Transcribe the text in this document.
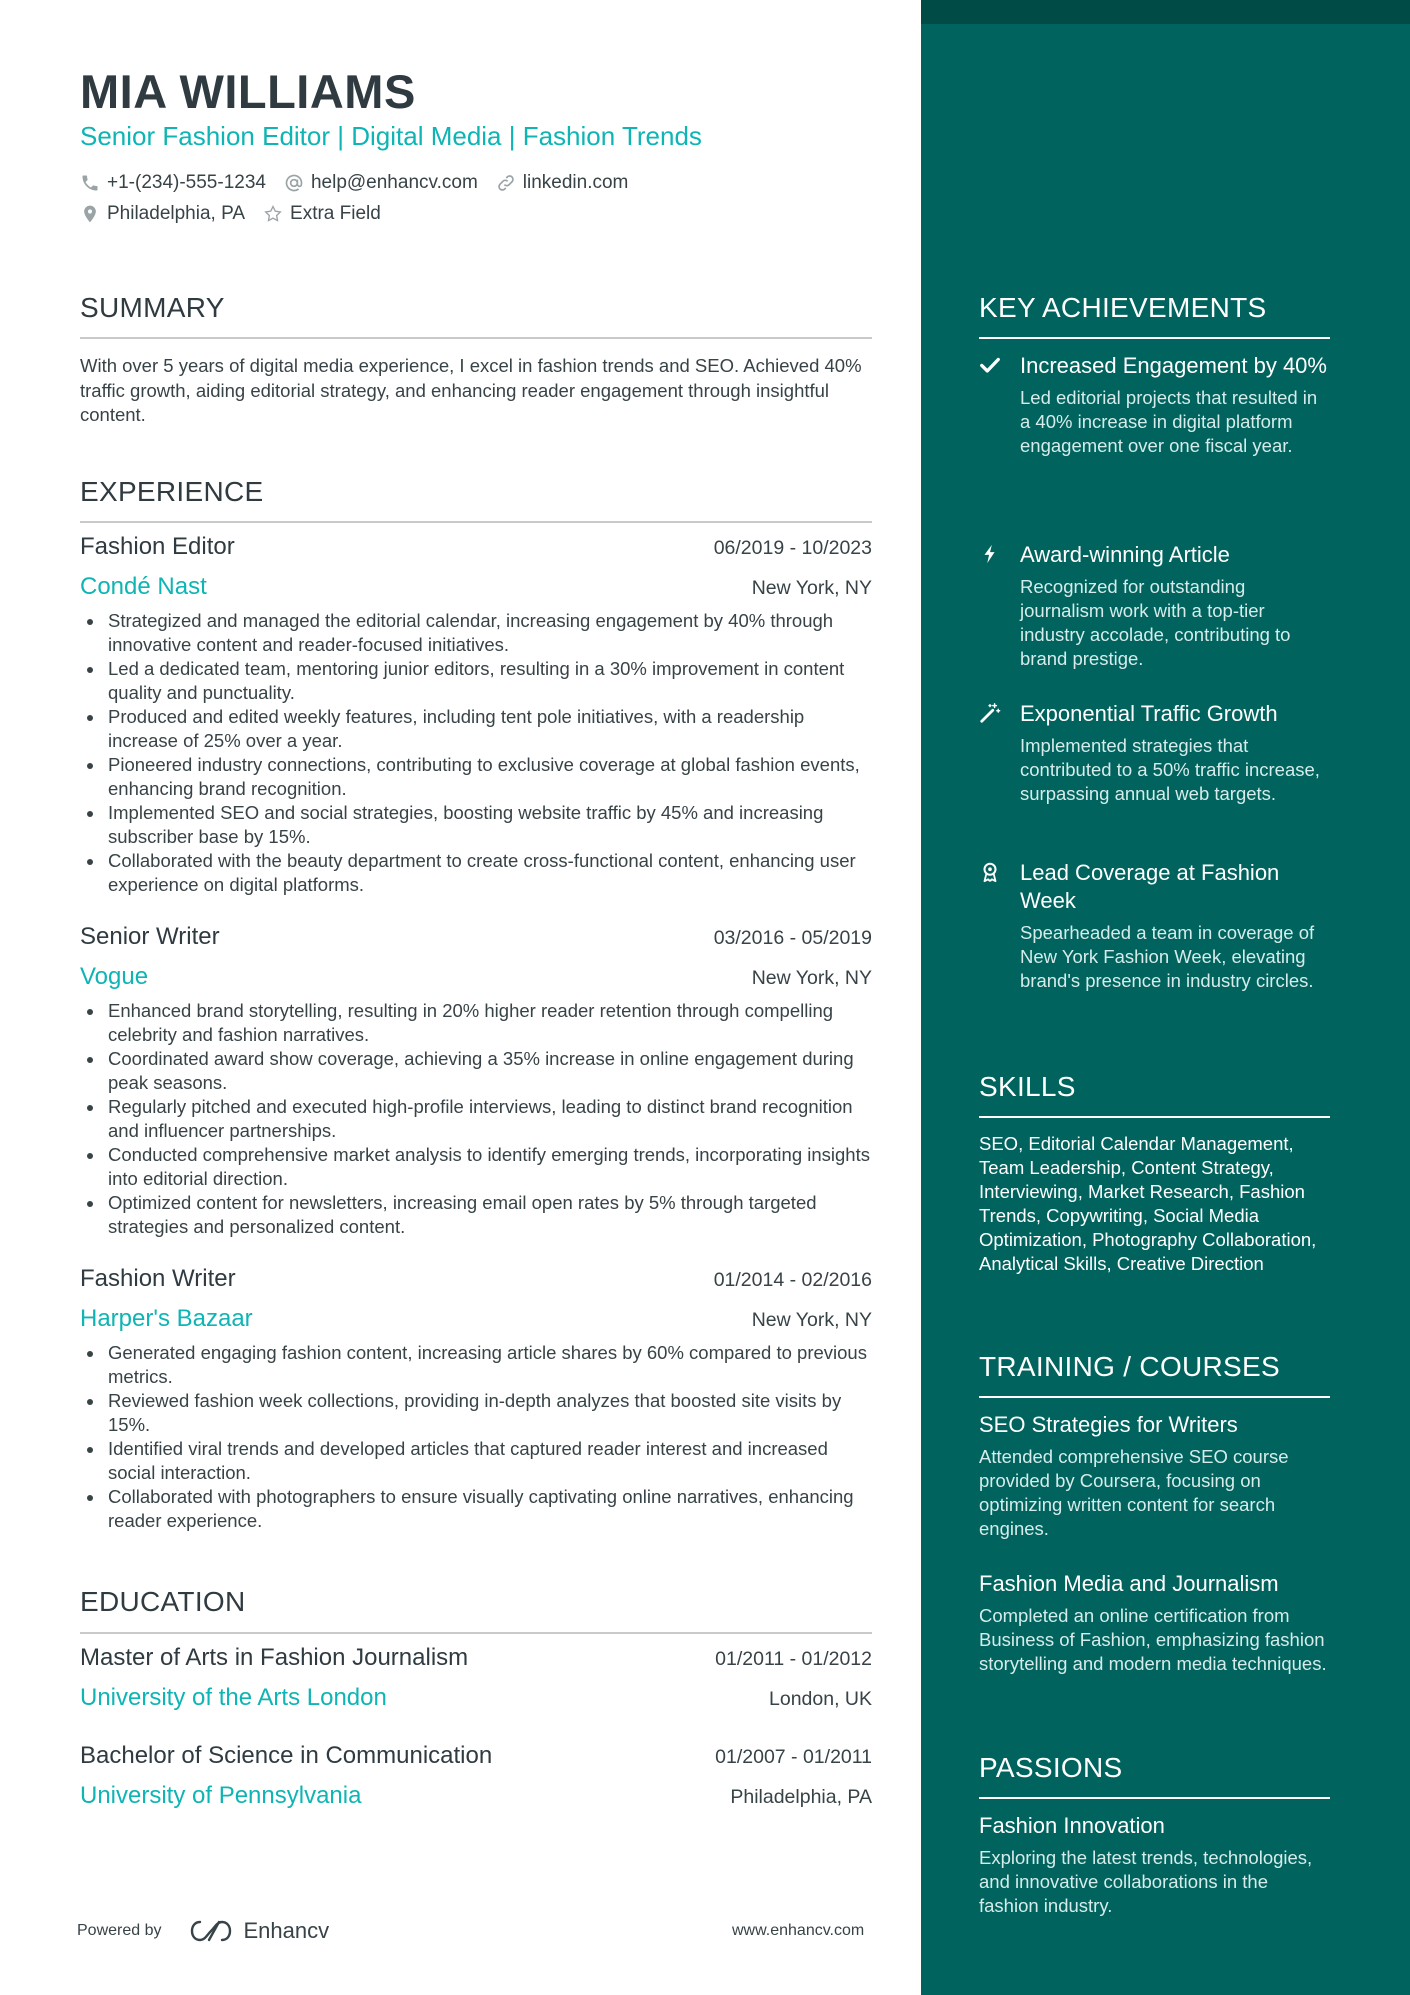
MIA WILLIAMS
Senior Fashion Editor | Digital Media | Fashion Trends
+1-(234)-555-1234 help@enhancv.com linkedin.com
Philadelphia, PA Extra Field
SUMMARY
With over 5 years of digital media experience, I excel in fashion trends and SEO. Achieved 40% traffic growth, aiding editorial strategy, and enhancing reader engagement through insightful content.
EXPERIENCE
Fashion Editor	06/2019 - 10/2023
Condé Nast	New York, NY
Strategized and managed the editorial calendar, increasing engagement by 40% through innovative content and reader-focused initiatives.
Led a dedicated team, mentoring junior editors, resulting in a 30% improvement in content quality and punctuality.
Produced and edited weekly features, including tent pole initiatives, with a readership increase of 25% over a year.
Pioneered industry connections, contributing to exclusive coverage at global fashion events, enhancing brand recognition.
Implemented SEO and social strategies, boosting website traffic by 45% and increasing subscriber base by 15%.
Collaborated with the beauty department to create cross-functional content, enhancing user experience on digital platforms.
Senior Writer	03/2016 - 05/2019
Vogue	New York, NY
Enhanced brand storytelling, resulting in 20% higher reader retention through compelling celebrity and fashion narratives.
Coordinated award show coverage, achieving a 35% increase in online engagement during peak seasons.
Regularly pitched and executed high-profile interviews, leading to distinct brand recognition and influencer partnerships.
Conducted comprehensive market analysis to identify emerging trends, incorporating insights into editorial direction.
Optimized content for newsletters, increasing email open rates by 5% through targeted strategies and personalized content.
Fashion Writer	01/2014 - 02/2016
Harper's Bazaar	New York, NY
Generated engaging fashion content, increasing article shares by 60% compared to previous metrics.
Reviewed fashion week collections, providing in-depth analyzes that boosted site visits by 15%.
Identified viral trends and developed articles that captured reader interest and increased social interaction.
Collaborated with photographers to ensure visually captivating online narratives, enhancing reader experience.
EDUCATION
Master of Arts in Fashion Journalism	01/2011 - 01/2012
University of the Arts London	London, UK
Bachelor of Science in Communication	01/2007 - 01/2011
University of Pennsylvania	Philadelphia, PA
Powered by	Enhancv	www.enhancv.com
KEY ACHIEVEMENTS
Increased Engagement by 40%
Led editorial projects that resulted in a 40% increase in digital platform engagement over one fiscal year.
Award-winning Article
Recognized for outstanding journalism work with a top-tier industry accolade, contributing to brand prestige.
Exponential Traffic Growth
Implemented strategies that contributed to a 50% traffic increase, surpassing annual web targets.
Lead Coverage at Fashion Week
Spearheaded a team in coverage of New York Fashion Week, elevating brand's presence in industry circles.
SKILLS
SEO, Editorial Calendar Management, Team Leadership, Content Strategy, Interviewing, Market Research, Fashion Trends, Copywriting, Social Media Optimization, Photography Collaboration, Analytical Skills, Creative Direction
TRAINING / COURSES
SEO Strategies for Writers
Attended comprehensive SEO course provided by Coursera, focusing on optimizing written content for search engines.
Fashion Media and Journalism
Completed an online certification from Business of Fashion, emphasizing fashion storytelling and modern media techniques.
PASSIONS
Fashion Innovation
Exploring the latest trends, technologies, and innovative collaborations in the fashion industry.
